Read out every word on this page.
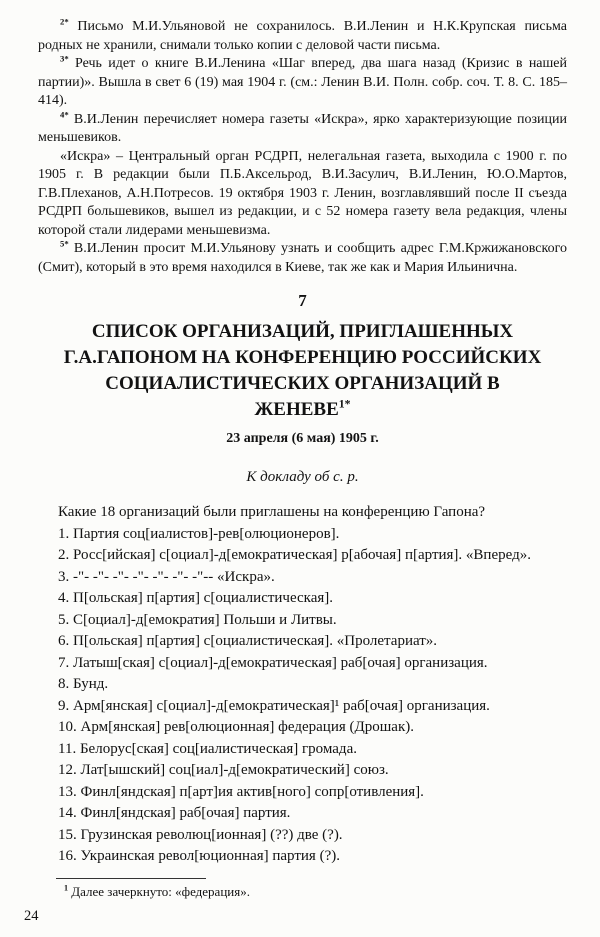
$^{2*}$ Письмо М.И.Ульяновой не сохранилось. В.И.Ленин и Н.К.Крупская письма родных не хранили, снимали только копии с деловой части письма.

$^{3*}$ Речь идет о книге В.И.Ленина «Шаг вперед, два шага назад (Кризис в нашей партии)». Вышла в свет 6 (19) мая 1904 г. (см.: Ленин В.И. Полн. собр. соч. Т. 8. С. 185–414).

$^{4*}$ В.И.Ленин перечисляет номера газеты «Искра», ярко характеризующие позиции меньшевиков.

«Искра» – Центральный орган РСДРП, нелегальная газета, выходила с 1900 г. по 1905 г. В редакции были П.Б.Аксельрод, В.И.Засулич, В.И.Ленин, Ю.О.Мартов, Г.В.Плеханов, А.Н.Потресов. 19 октября 1903 г. Ленин, возглавлявший после II съезда РСДРП большевиков, вышел из редакции, и с 52 номера газету вела редакция, члены которой стали лидерами меньшевизма.

$^{5*}$ В.И.Ленин просит М.И.Ульянову узнать и сообщить адрес Г.М.Кржижановского (Смит), который в это время находился в Киеве, так же как и Мария Ильинична.

7
СПИСОК ОРГАНИЗАЦИЙ, ПРИГЛАШЕННЫХ Г.А.ГАПОНОМ НА КОНФЕРЕНЦИЮ РОССИЙСКИХ СОЦИАЛИСТИЧЕСКИХ ОРГАНИЗАЦИЙ В ЖЕНЕВЕ$^{1*}$

23 апреля (6 мая) 1905 г.

К докладу об с. р.

Какие 18 организаций были приглашены на конференцию Гапона?

1. Партия соц[иалистов]-рев[олюционеров].

2. Росс[ийская] с[оциал]-д[емократическая] р[абочая] п[артия]. «Вперед».

3. -"- -"- -"- -"- -"- -"- -"-- «Искра».

4. П[ольская] п[артия] с[оциалистическая].

5. С[оциал]-д[емократия] Польши и Литвы.

6. П[ольская] п[артия] с[оциалистическая]. «Пролетариат».

7. Латыш[ская] с[оциал]-д[емократическая] раб[очая] организация.

8. Бунд.

9. Арм[янская] с[оциал]-д[емократическая]¹ раб[очая] организация.

10. Арм[янская] рев[олюционная] федерация (Дрошак).

11. Белорус[ская] соц[иалистическая] громада.

12. Лат[ышский] соц[иал]-д[емократический] союз.

13. Финл[яндская] п[арт]ия актив[ного] сопр[отивления].

14. Финл[яндская] раб[очая] партия.

15. Грузинская революц[ионная] (??) две (?).

16. Украинская револ[юционная] партия (?).

$^1$ Далее зачеркнуто: «федерация».

24
